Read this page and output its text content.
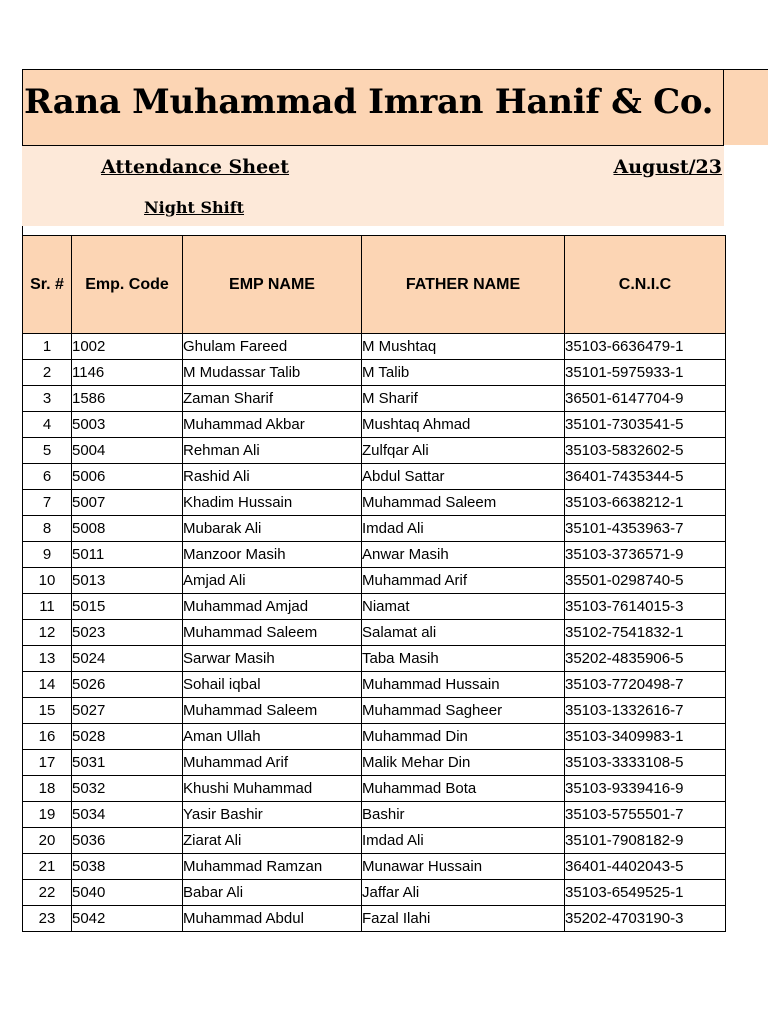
Rana Muhammad Imran Hanif & Co.
Attendance Sheet	August/23
Night Shift
Sr. #	Emp. Code	EMP NAME	FATHER NAME	C.N.I.C
1	1002	Ghulam Fareed	M Mushtaq	35103-6636479-1
2	1146	M Mudassar Talib	M Talib	35101-5975933-1
3	1586	Zaman Sharif	M Sharif	36501-6147704-9
4	5003	Muhammad Akbar	Mushtaq Ahmad	35101-7303541-5
5	5004	Rehman Ali	Zulfqar Ali	35103-5832602-5
6	5006	Rashid Ali	Abdul Sattar	36401-7435344-5
7	5007	Khadim Hussain	Muhammad Saleem	35103-6638212-1
8	5008	Mubarak Ali	Imdad Ali	35101-4353963-7
9	5011	Manzoor Masih	Anwar Masih	35103-3736571-9
10	5013	Amjad Ali	Muhammad Arif	35501-0298740-5
11	5015	Muhammad Amjad	Niamat	35103-7614015-3
12	5023	Muhammad Saleem	Salamat ali	35102-7541832-1
13	5024	Sarwar Masih	Taba Masih	35202-4835906-5
14	5026	Sohail iqbal	Muhammad Hussain	35103-7720498-7
15	5027	Muhammad Saleem	Muhammad Sagheer	35103-1332616-7
16	5028	Aman Ullah	Muhammad Din	35103-3409983-1
17	5031	Muhammad Arif	Malik Mehar Din	35103-3333108-5
18	5032	Khushi Muhammad	Muhammad Bota	35103-9339416-9
19	5034	Yasir Bashir	Bashir	35103-5755501-7
20	5036	Ziarat Ali	Imdad Ali	35101-7908182-9
21	5038	Muhammad Ramzan	Munawar Hussain	36401-4402043-5
22	5040	Babar Ali	Jaffar Ali	35103-6549525-1
23	5042	Muhammad Abdul	Fazal Ilahi	35202-4703190-3
